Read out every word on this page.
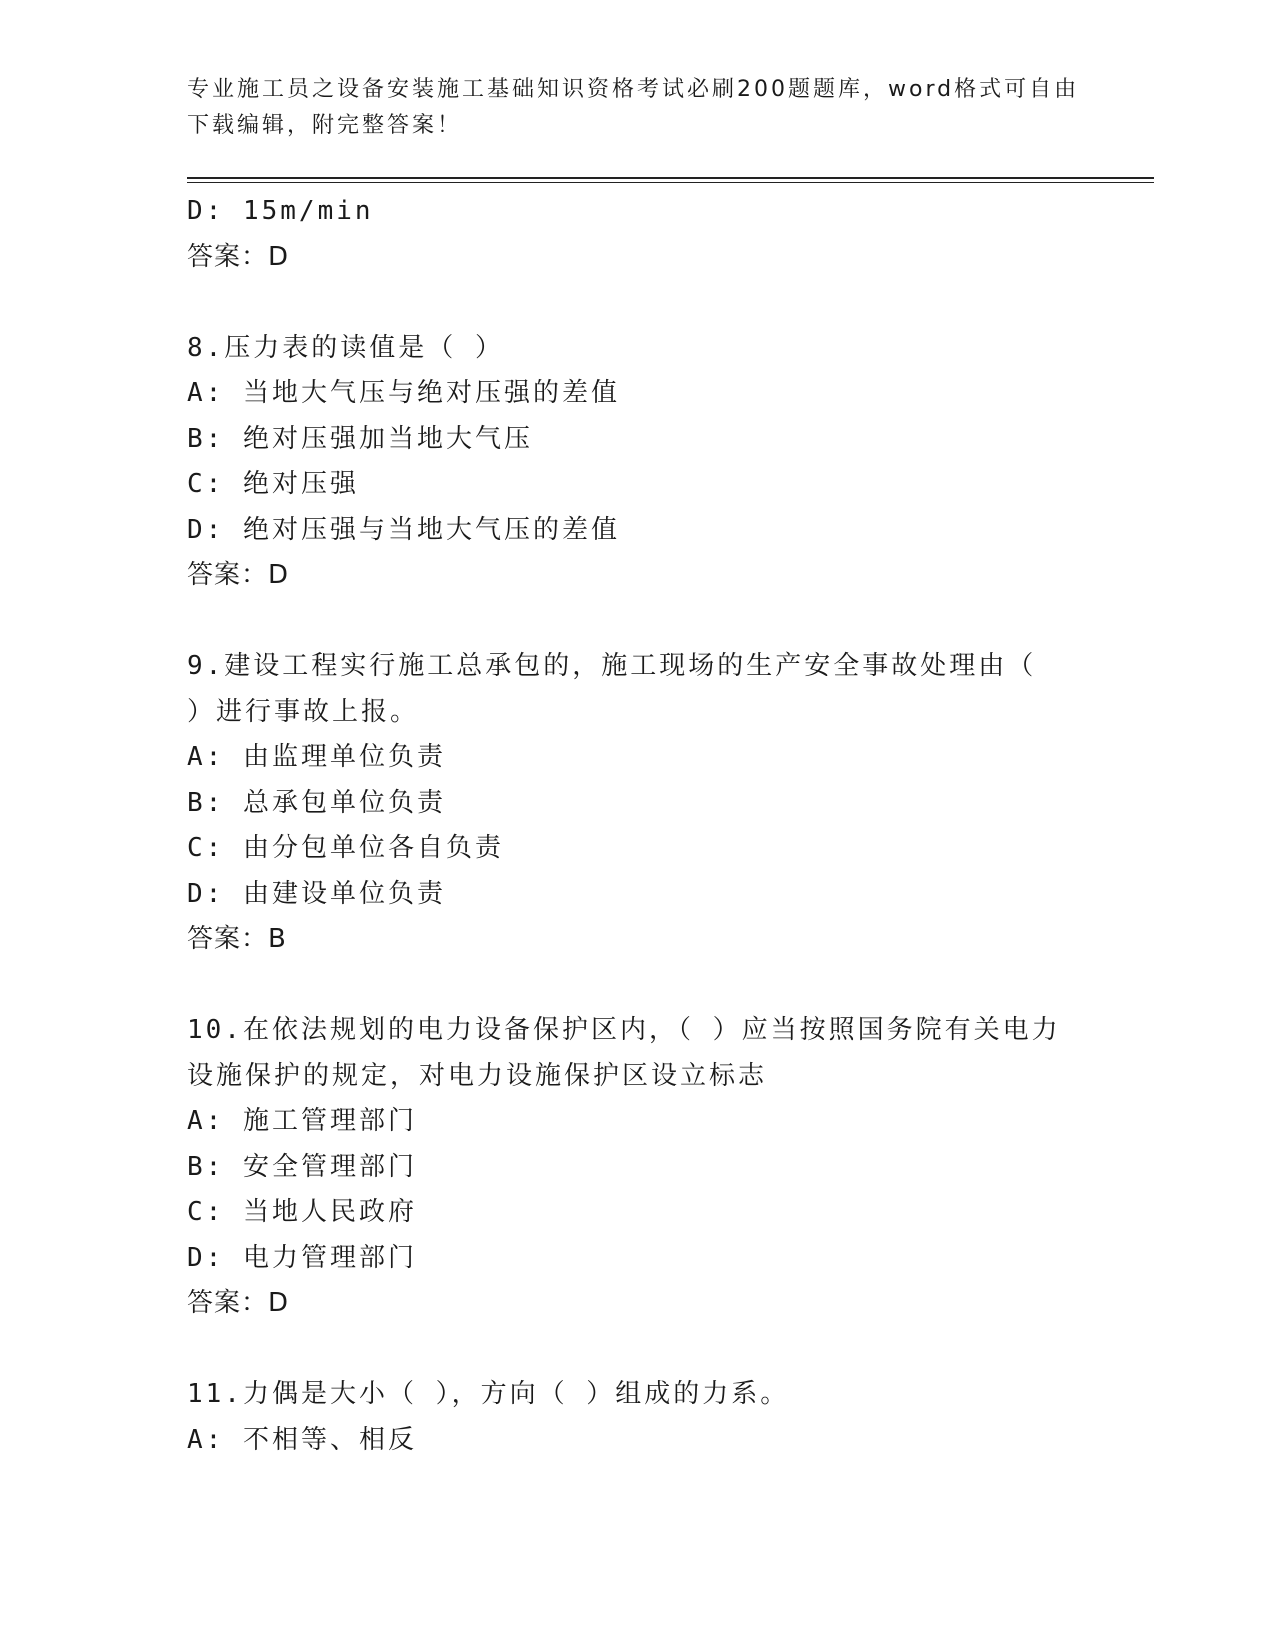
专业施工员之设备安装施工基础知识资格考试必刷200题题库，word格式可自由下载编辑，附完整答案！
D: 15m/min
答案：D
8.压力表的读值是（ ）
A: 当地大气压与绝对压强的差值
B: 绝对压强加当地大气压
C: 绝对压强
D: 绝对压强与当地大气压的差值
答案：D
9.建设工程实行施工总承包的，施工现场的生产安全事故处理由（ ）进行事故上报。
A: 由监理单位负责
B: 总承包单位负责
C: 由分包单位各自负责
D: 由建设单位负责
答案：B
10.在依法规划的电力设备保护区内，（ ）应当按照国务院有关电力设施保护的规定，对电力设施保护区设立标志
A: 施工管理部门
B: 安全管理部门
C: 当地人民政府
D: 电力管理部门
答案：D
11.力偶是大小（ ），方向（ ）组成的力系。
A: 不相等、相反
